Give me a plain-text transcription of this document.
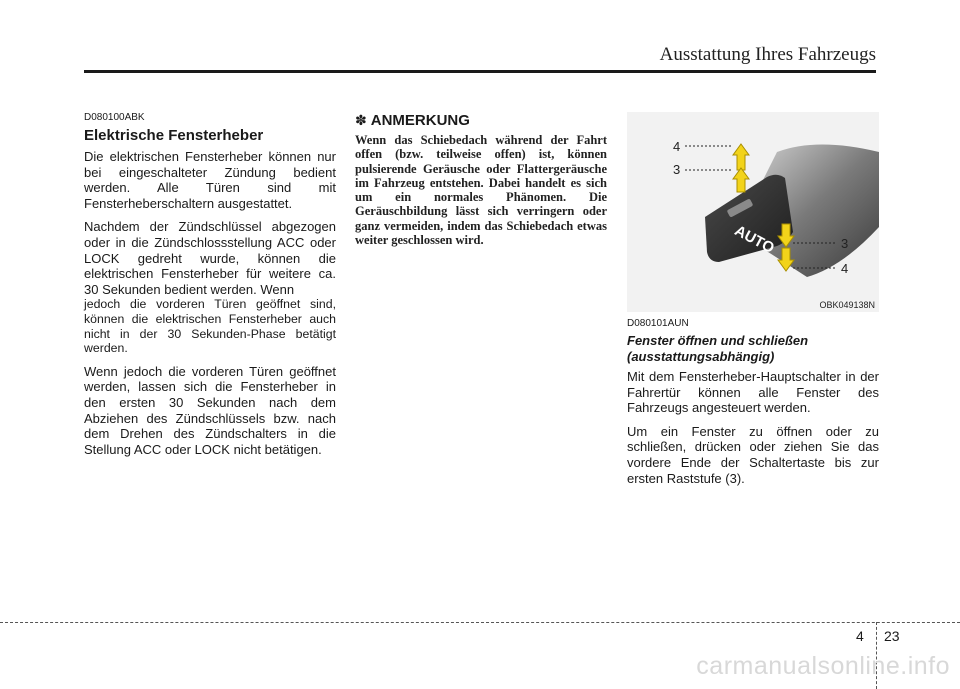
Ausstattung Ihres Fahrzeugs
D080100ABK
Elektrische Fensterheber

Die elektrischen Fensterheber können nur bei eingeschalteter Zündung bedient werden. Alle Türen sind mit Fensterheberschaltern ausgestattet.

Nachdem der Zündschlüssel abgezogen oder in die Zündschlossstellung ACC oder LOCK gedreht wurde, können die elektrischen Fensterheber für weitere ca. 30 Sekunden bedient werden. Wenn

jedoch die vorderen Türen geöffnet sind, können die elektrischen Fensterheber auch nicht in der 30 Sekunden-Phase betätigt werden.

Wenn jedoch die vorderen Türen geöffnet werden, lassen sich die Fensterheber in den ersten 30 Sekunden nach dem Abziehen des Zündschlüssels bzw. nach dem Drehen des Zündschalters in die Stellung ACC oder LOCK nicht betätigen.

✽ ANMERKUNG

Wenn das Schiebedach während der Fahrt offen (bzw. teilweise offen) ist, können pulsierende Geräusche oder Flattergeräusche im Fahrzeug entstehen. Dabei handelt es sich um ein normales Phänomen. Die Geräuschbildung lässt sich verringern oder ganz vermeiden, indem das Schiebedach etwas weiter geschlossen wird.	AUTO
4
3
3
4
OBK049138N
D080101AUN
Fenster öffnen und schließen (ausstattungsabhängig)

Mit dem Fensterheber-Hauptschalter in der Fahrertür können alle Fenster des Fahrzeugs angesteuert werden.

Um ein Fenster zu öffnen oder zu schließen, drücken oder ziehen Sie das vordere Ende der Schaltertaste bis zur ersten Raststufe (3).

4 23
carmanualsonline.info
